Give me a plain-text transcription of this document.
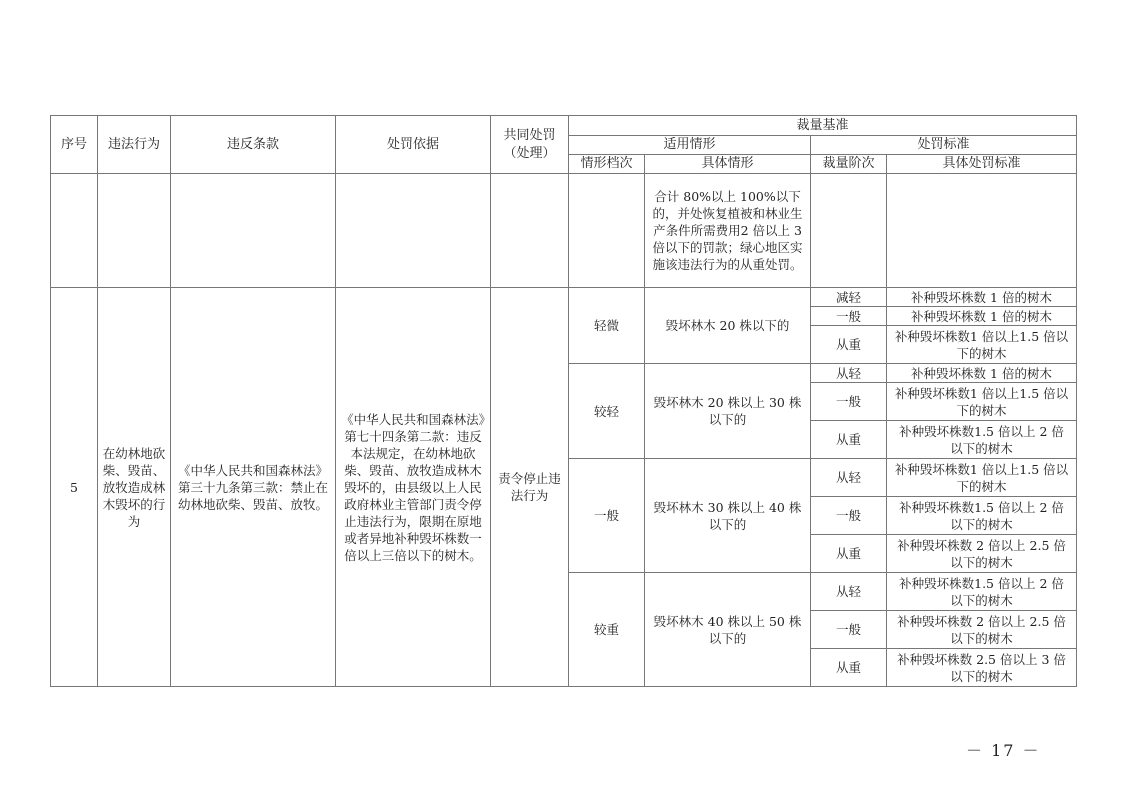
序号	违法行为	违反条款	处罚依据	共同处罚
（处理）	裁量基准			
					适用情形		处罚标准	
					情形档次	具体情形	裁量阶次	具体处罚标准
						合计 80%以上 100%以下的，并处恢复植被和林业生产条件所需费用2 倍以上 3 倍以下的罚款；绿心地区实施该违法行为的从重处罚。		
5	在幼林地砍柴、毁苗、放牧造成林木毁坏的行为	《中华人民共和国森林法》第三十九条第三款：禁止在幼林地砍柴、毁苗、放牧。	《中华人民共和国森林法》第七十四条第二款：违反本法规定，在幼林地砍柴、毁苗、放牧造成林木毁坏的，由县级以上人民政府林业主管部门责令停止违法行为，限期在原地或者异地补种毁坏株数一倍以上三倍以下的树木。	责令停止违法行为	轻微	毁坏林木 20 株以下的	减轻	补种毁坏株数 1 倍的树木
							一般	补种毁坏株数 1 倍的树木
							从重	补种毁坏株数1 倍以上1.5 倍以下的树木
					较轻	毁坏林木 20 株以上 30 株 以下的	从轻	补种毁坏株数 1 倍的树木
							一般	补种毁坏株数1 倍以上1.5 倍以下的树木
							从重	补种毁坏株数1.5 倍以上 2 倍 以下的树木
					一般	毁坏林木 30 株以上 40 株 以下的	从轻	补种毁坏株数1 倍以上1.5 倍以下的树木
							一般	补种毁坏株数1.5 倍以上 2 倍 以下的树木
							从重	补种毁坏株数 2 倍以上 2.5 倍 以下的树木
					较重	毁坏林木 40 株以上 50 株 以下的	从轻	补种毁坏株数1.5 倍以上 2 倍 以下的树木
							一般	补种毁坏株数 2 倍以上 2.5 倍 以下的树木
							从重	补种毁坏株数 2.5 倍以上 3 倍 以下的树木
－ 17 －
